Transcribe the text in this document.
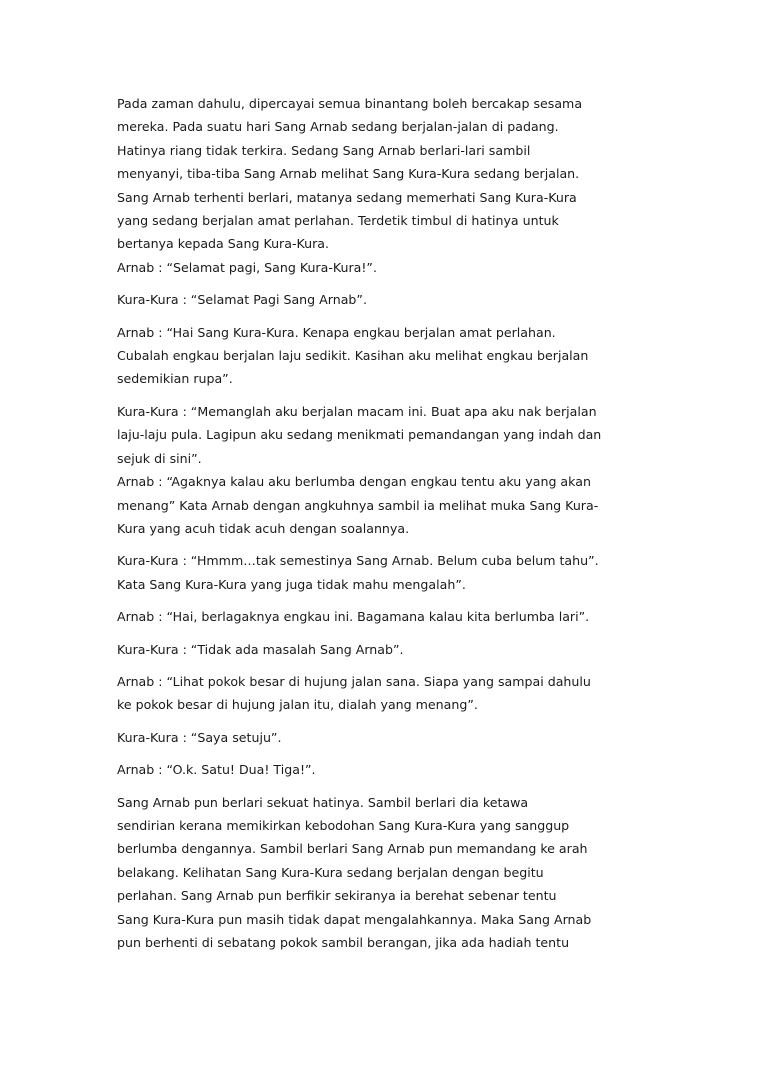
Pada zaman dahulu, dipercayai semua binantang boleh bercakap sesama
mereka. Pada suatu hari Sang Arnab sedang berjalan-jalan di padang.
Hatinya riang tidak terkira. Sedang Sang Arnab berlari-lari sambil
menyanyi, tiba-tiba Sang Arnab melihat Sang Kura-Kura sedang berjalan.
Sang Arnab terhenti berlari, matanya sedang memerhati Sang Kura-Kura
yang sedang berjalan amat perlahan. Terdetik timbul di hatinya untuk
bertanya kepada Sang Kura-Kura.
Arnab : “Selamat pagi, Sang Kura-Kura!”.

Kura-Kura : “Selamat Pagi Sang Arnab”.

Arnab : “Hai Sang Kura-Kura. Kenapa engkau berjalan amat perlahan.
Cubalah engkau berjalan laju sedikit. Kasihan aku melihat engkau berjalan
sedemikian rupa”.

Kura-Kura : “Memanglah aku berjalan macam ini. Buat apa aku nak berjalan
laju-laju pula. Lagipun aku sedang menikmati pemandangan yang indah dan
sejuk di sini”.
Arnab : “Agaknya kalau aku berlumba dengan engkau tentu aku yang akan
menang” Kata Arnab dengan angkuhnya sambil ia melihat muka Sang Kura-
Kura yang acuh tidak acuh dengan soalannya.

Kura-Kura : “Hmmm…tak semestinya Sang Arnab. Belum cuba belum tahu”.
Kata Sang Kura-Kura yang juga tidak mahu mengalah”.

Arnab : “Hai, berlagaknya engkau ini. Bagamana kalau kita berlumba lari”.

Kura-Kura : “Tidak ada masalah Sang Arnab”.

Arnab : “Lihat pokok besar di hujung jalan sana. Siapa yang sampai dahulu
ke pokok besar di hujung jalan itu, dialah yang menang”.

Kura-Kura : “Saya setuju”.

Arnab : “O.k. Satu! Dua! Tiga!”.

Sang Arnab pun berlari sekuat hatinya. Sambil berlari dia ketawa
sendirian kerana memikirkan kebodohan Sang Kura-Kura yang sanggup
berlumba dengannya. Sambil berlari Sang Arnab pun memandang ke arah
belakang. Kelihatan Sang Kura-Kura sedang berjalan dengan begitu
perlahan. Sang Arnab pun berfikir sekiranya ia berehat sebenar tentu
Sang Kura-Kura pun masih tidak dapat mengalahkannya. Maka Sang Arnab
pun berhenti di sebatang pokok sambil berangan, jika ada hadiah tentu
